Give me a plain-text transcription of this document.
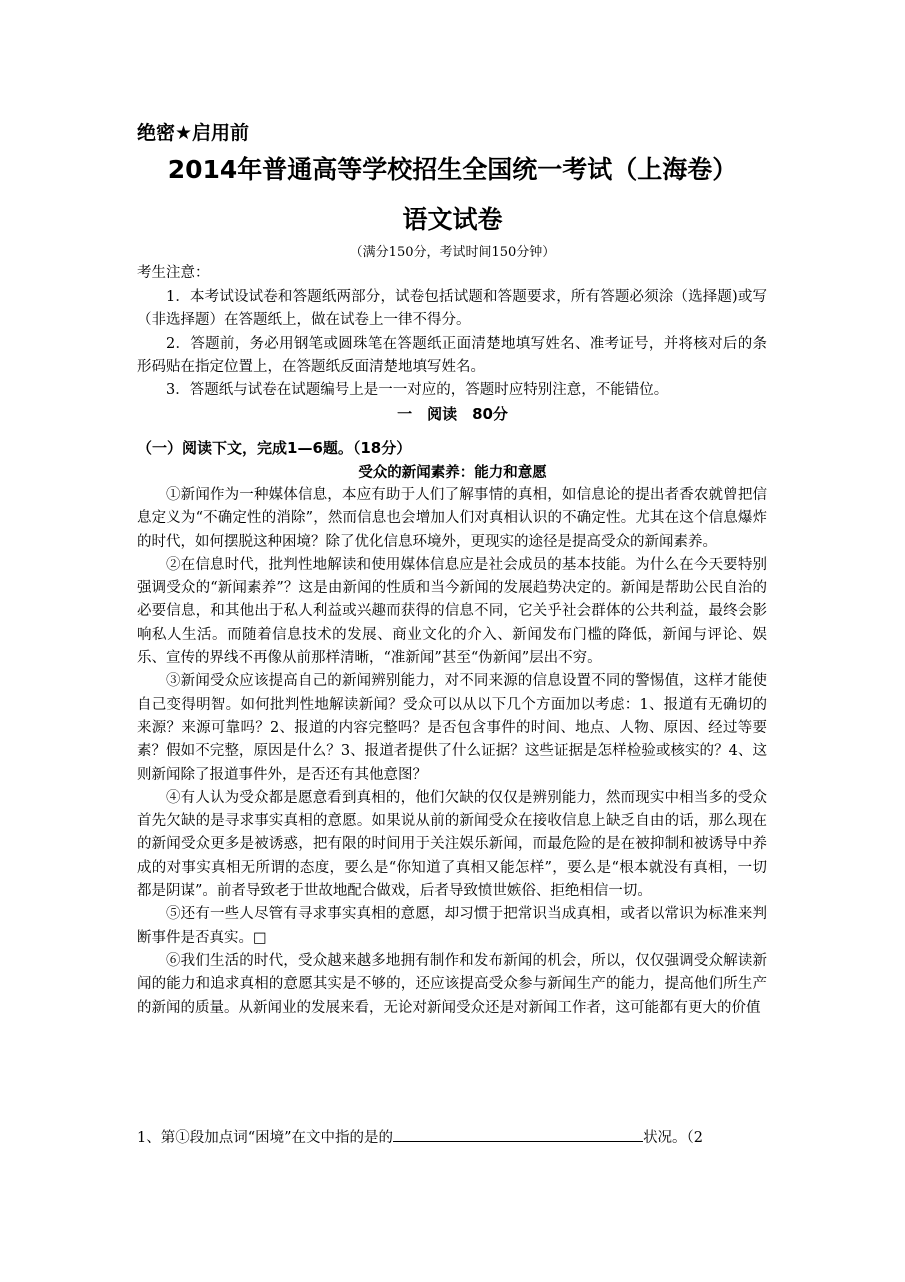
绝密★启用前
2014年普通高等学校招生全国统一考试（上海卷）
语文试卷
（满分150分，考试时间150分钟）
考生注意：

1．本考试设试卷和答题纸两部分，试卷包括试题和答题要求，所有答题必须涂（选择题)或写（非选择题）在答题纸上，做在试卷上一律不得分。

2．答题前，务必用钢笔或圆珠笔在答题纸正面清楚地填写姓名、准考证号，并将核对后的条形码贴在指定位置上，在答题纸反面清楚地填写姓名。

3．答题纸与试卷在试题编号上是一一对应的，答题时应特别注意，不能错位。

一　阅读　80分
（一）阅读下文，完成1—6题。（18分）
受众的新闻素养：能力和意愿

①新闻作为一种媒体信息，本应有助于人们了解事情的真相，如信息论的提出者香农就曾把信息定义为“不确定性的消除”，然而信息也会增加人们对真相认识的不确定性。尤其在这个信息爆炸的时代，如何摆脱这种困境？除了优化信息环境外，更现实的途径是提高受众的新闻素养。

②在信息时代，批判性地解读和使用媒体信息应是社会成员的基本技能。为什么在今天要特别强调受众的“新闻素养”？这是由新闻的性质和当今新闻的发展趋势决定的。新闻是帮助公民自治的必要信息，和其他出于私人利益或兴趣而获得的信息不同，它关乎社会群体的公共利益，最终会影响私人生活。而随着信息技术的发展、商业文化的介入、新闻发布门槛的降低，新闻与评论、娱乐、宣传的界线不再像从前那样清晰，“准新闻”甚至“伪新闻”层出不穷。

③新闻受众应该提高自己的新闻辨别能力，对不同来源的信息设置不同的警惕值，这样才能使自己变得明智。如何批判性地解读新闻？受众可以从以下几个方面加以考虑：1、报道有无确切的来源？来源可靠吗？2、报道的内容完整吗？是否包含事件的时间、地点、人物、原因、经过等要素？假如不完整，原因是什么？3、报道者提供了什么证据？这些证据是怎样检验或核实的？4、这则新闻除了报道事件外，是否还有其他意图？

④有人认为受众都是愿意看到真相的，他们欠缺的仅仅是辨别能力，然而现实中相当多的受众首先欠缺的是寻求事实真相的意愿。如果说从前的新闻受众在接收信息上缺乏自由的话，那么现在的新闻受众更多是被诱惑，把有限的时间用于关注娱乐新闻，而最危险的是在被抑制和被诱导中养成的对事实真相无所谓的态度，要么是“你知道了真相又能怎样”，要么是“根本就没有真相，一切都是阴谋”。前者导致老于世故地配合做戏，后者导致愤世嫉俗、拒绝相信一切。

⑤还有一些人尽管有寻求事实真相的意愿，却习惯于把常识当成真相，或者以常识为标准来判断事件是否真实。□

⑥我们生活的时代，受众越来越多地拥有制作和发布新闻的机会，所以，仅仅强调受众解读新闻的能力和追求真相的意愿其实是不够的，还应该提高受众参与新闻生产的能力，提高他们所生产的新闻的质量。从新闻业的发展来看，无论对新闻受众还是对新闻工作者，这可能都有更大的价值

1、第①段加点词“困境”在文中指的是的	状况。（2
